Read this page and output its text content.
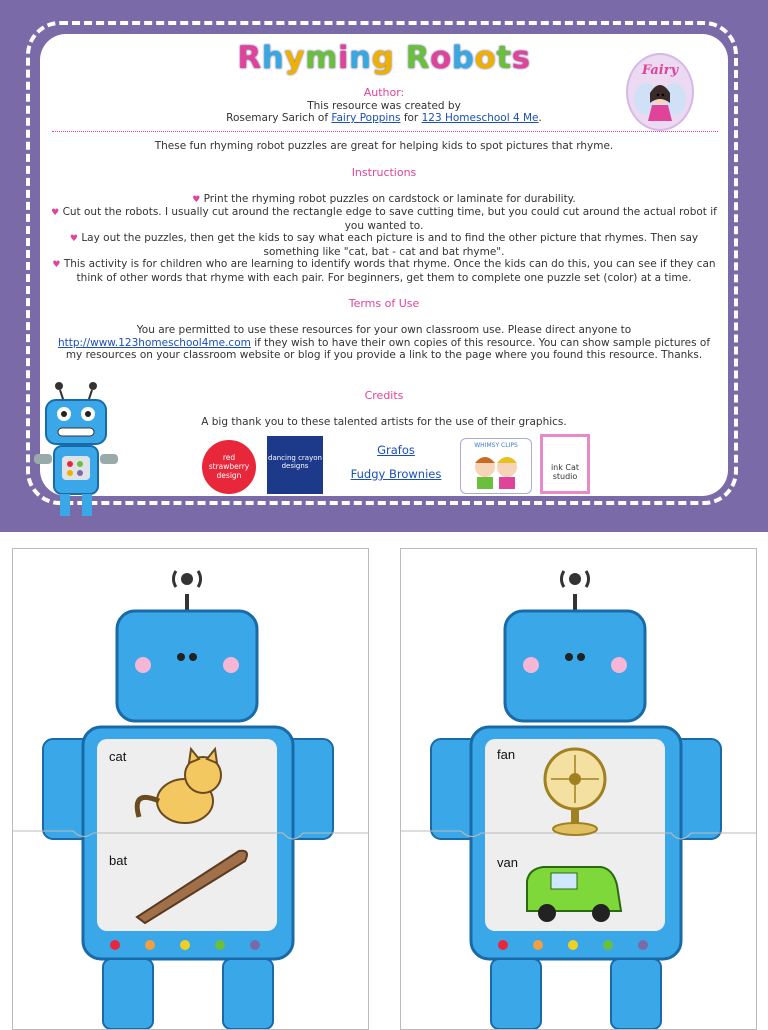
Rhyming Robots	Fairy
Author:
This resource was created by
Rosemary Sarich of Fairy Poppins for 123 Homeschool 4 Me.
These fun rhyming robot puzzles are great for helping kids to spot pictures that rhyme.
Instructions
♥ Print the rhyming robot puzzles on cardstock or laminate for durability.
♥ Cut out the robots. I usually cut around the rectangle edge to save cutting time, but you could cut around the actual robot if you wanted to.
♥ Lay out the puzzles, then get the kids to say what each picture is and to find the other picture that rhymes. Then say something like "cat, bat - cat and bat rhyme".
♥ This activity is for children who are learning to identify words that rhyme. Once the kids can do this, you can see if they can think of other words that rhyme with each pair. For beginners, get them to complete one puzzle set (color) at a time.
Terms of Use
You are permitted to use these resources for your own classroom use. Please direct anyone to http://www.123homeschool4me.com if they wish to have their own copies of this resource. You can show sample pictures of my resources on your classroom website or blog if you provide a link to the page where you found this resource. Thanks.
Credits
A big thank you to these talented artists for the use of their graphics.
red strawberry design
dancing crayon designs
Grafos
Fudgy Brownies
WHIMSY CLIPS
ink Cat studio
cat
bat
fan
van
